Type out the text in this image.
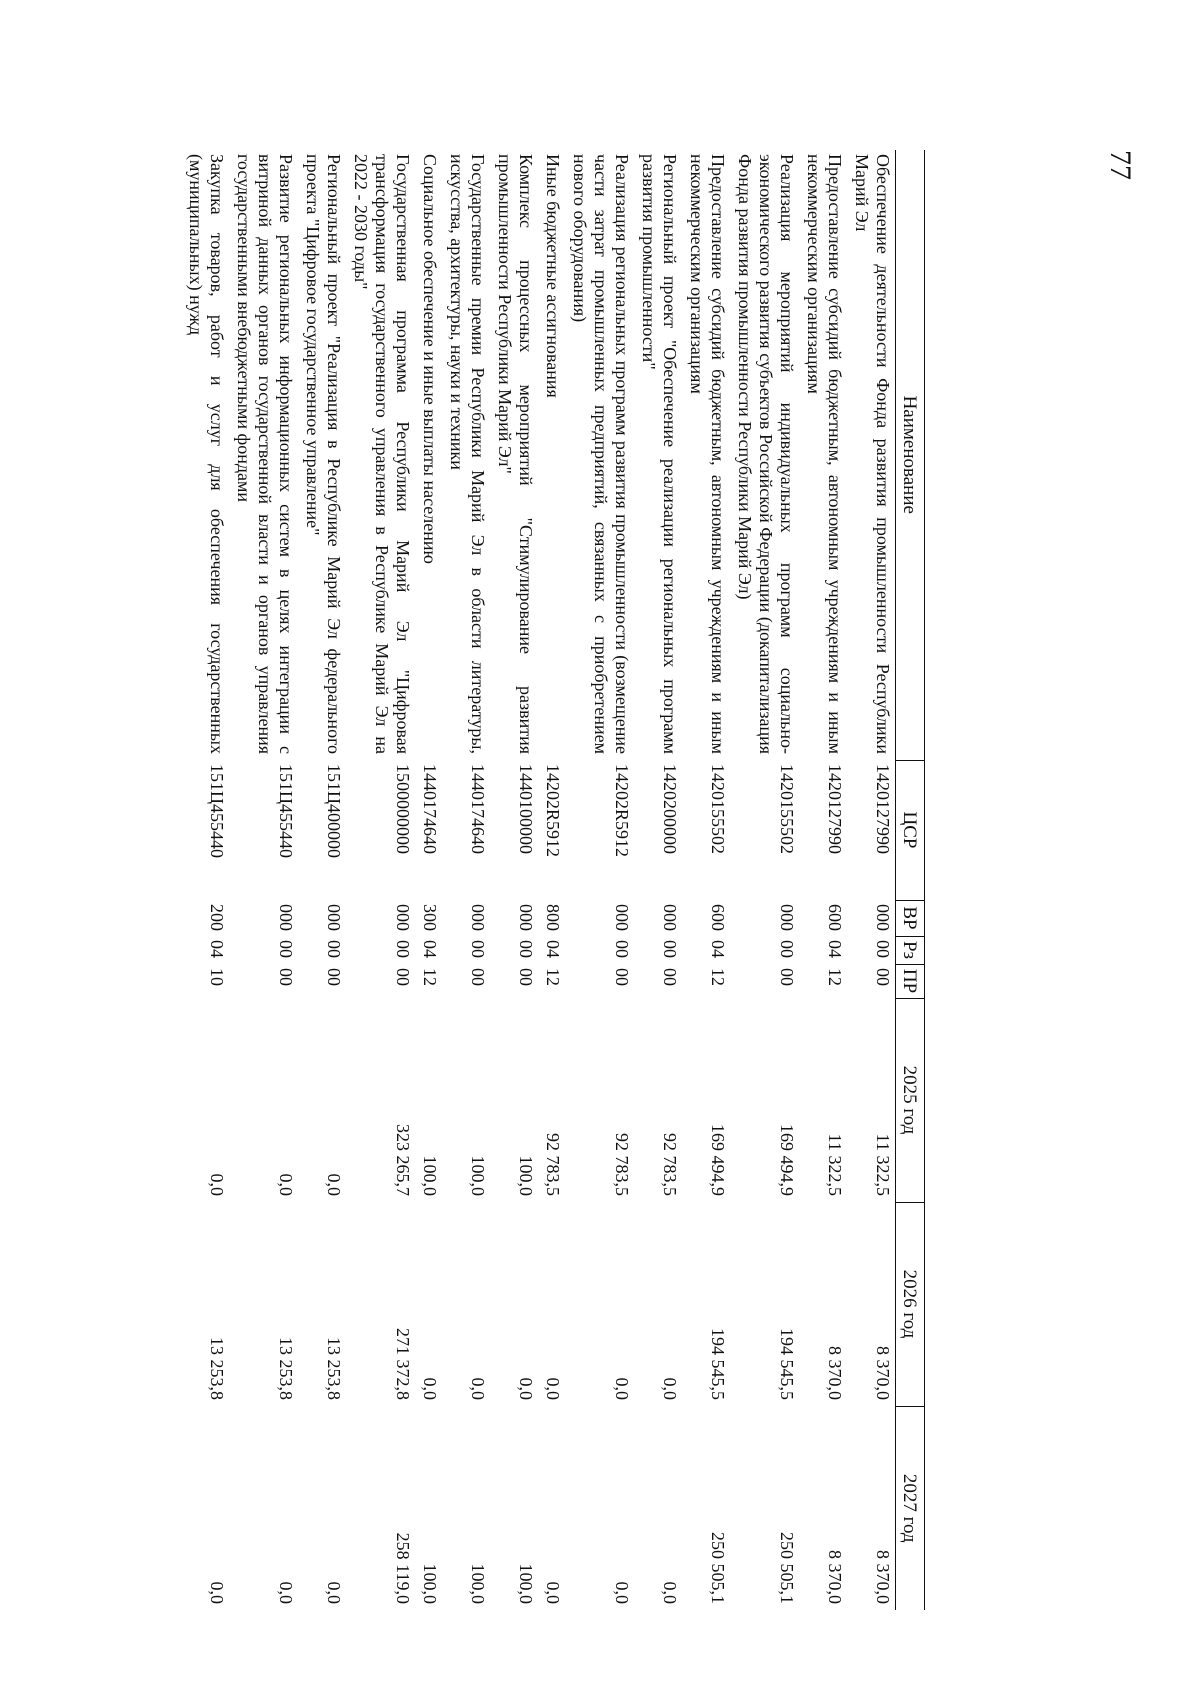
77
Наименование	ЦСР	ВР	Рз	ПР	2025 год	2026 год	2027 год
Обеспечение деятельности Фонда развития промышленности Республики Марий Эл	1420127990	000	00	00	11 322,5	8 370,0	8 370,0
Предоставление субсидий бюджетным, автономным учреждениям и иным некоммерческим организациям	1420127990	600	04	12	11 322,5	8 370,0	8 370,0
Реализация мероприятий индивидуальных программ социально-экономического развития субъектов Российской Федерации (докапитализация Фонда развития промышленности Республики Марий Эл)	1420155502	000	00	00	169 494,9	194 545,5	250 505,1
Предоставление субсидий бюджетным, автономным учреждениям и иным некоммерческим организациям	1420155502	600	04	12	169 494,9	194 545,5	250 505,1
Региональный проект "Обеспечение реализации региональных программ развития промышленности"	1420200000	000	00	00	92 783,5	0,0	0,0
Реализация региональных программ развития промышленности (возмещение части затрат промышленных предприятий, связанных с приобретением нового оборудования)	14202R5912	000	00	00	92 783,5	0,0	0,0
Иные бюджетные ассигнования	14202R5912	800	04	12	92 783,5	0,0	0,0
Комплекс процессных мероприятий "Стимулирование развития промышленности Республики Марий Эл"	1440100000	000	00	00	100,0	0,0	100,0
Государственные премии Республики Марий Эл в области литературы, искусства, архитектуры, науки и техники	1440174640	000	00	00	100,0	0,0	100,0
Социальное обеспечение и иные выплаты населению	1440174640	300	04	12	100,0	0,0	100,0
Государственная программа Республики Марий Эл "Цифровая трансформация государственного управления в Республике Марий Эл на 2022 - 2030 годы"	1500000000	000	00	00	323 265,7	271 372,8	258 119,0
Региональный проект "Реализация в Республике Марий Эл федерального проекта "Цифровое государственное управление"	151Ц400000	000	00	00	0,0	13 253,8	0,0
Развитие региональных информационных систем в целях интеграции с витриной данных органов государственной власти и органов управления государственными внебюджетными фондами	151Ц455440	000	00	00	0,0	13 253,8	0,0
Закупка товаров, работ и услуг для обеспечения государственных (муниципальных) нужд	151Ц455440	200	04	10	0,0	13 253,8	0,0
